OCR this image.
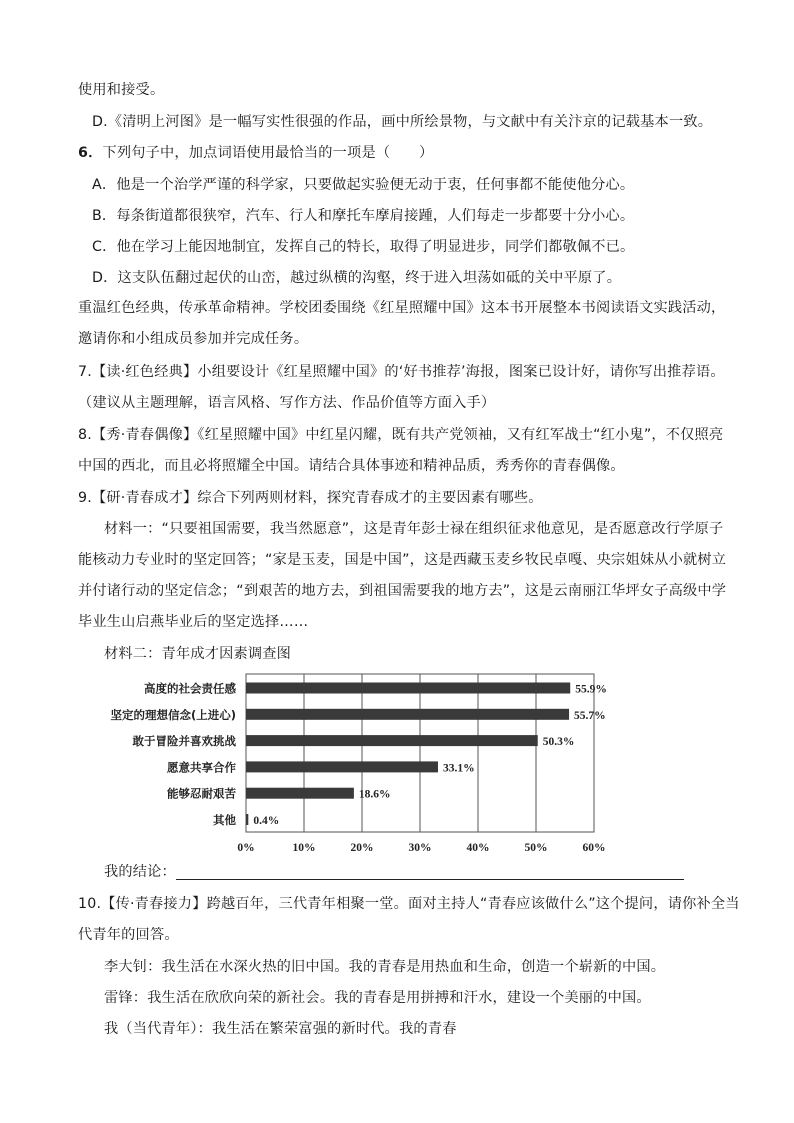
使用和接受。
D.《清明上河图》是一幅写实性很强的作品，画中所绘景物，与文献中有关汴京的记载基本一致。
6．下列句子中，加点词语使用最恰当的一项是（　　）
A．他是一个治学严谨的科学家，只要做起实验便无动于衷，任何事都不能使他分心。
B．每条街道都很狭窄，汽车、行人和摩托车摩肩接踵，人们每走一步都要十分小心。
C．他在学习上能因地制宜，发挥自己的特长，取得了明显进步，同学们都敬佩不已。
D．这支队伍翻过起伏的山峦，越过纵横的沟壑，终于进入坦荡如砥的关中平原了。
重温红色经典，传承革命精神。学校团委围绕《红星照耀中国》这本书开展整本书阅读语文实践活动，
邀请你和小组成员参加并完成任务。
7.【读·红色经典】小组要设计《红星照耀中国》的‘好书推荐’海报，图案已设计好，请你写出推荐语。
（建议从主题理解，语言风格、写作方法、作品价值等方面入手）
8.【秀·青春偶像】《红星照耀中国》中红星闪耀，既有共产党领袖，又有红军战士“红小鬼”，不仅照亮
中国的西北，而且必将照耀全中国。请结合具体事迹和精神品质，秀秀你的青春偶像。
9.【研·青春成才】综合下列两则材料，探究青春成才的主要因素有哪些。
材料一：“只要祖国需要，我当然愿意”，这是青年彭士禄在组织征求他意见，是否愿意改行学原子
能核动力专业时的坚定回答；“家是玉麦，国是中国”，这是西藏玉麦乡牧民卓嘎、央宗姐妹从小就树立
并付诸行动的坚定信念；“到艰苦的地方去，到祖国需要我的地方去”，这是云南丽江华坪女子高级中学
毕业生山启燕毕业后的坚定选择……
材料二：青年成才因素调查图
0%	10%	20%	30%	40%	50%	60%
高度的社会责任感	55.9%
坚定的理想信念(上进心)	55.7%
敢于冒险并喜欢挑战	50.3%
愿意共享合作	33.1%
能够忍耐艰苦	18.6%
其他 0.4%
我的结论：
10.【传·青春接力】跨越百年，三代青年相聚一堂。面对主持人“青春应该做什么”这个提问，请你补全当
代青年的回答。
李大钊：我生活在水深火热的旧中国。我的青春是用热血和生命，创造一个崭新的中国。
雷锋：我生活在欣欣向荣的新社会。我的青春是用拼搏和汗水，建设一个美丽的中国。
我（当代青年）：我生活在繁荣富强的新时代。我的青春
